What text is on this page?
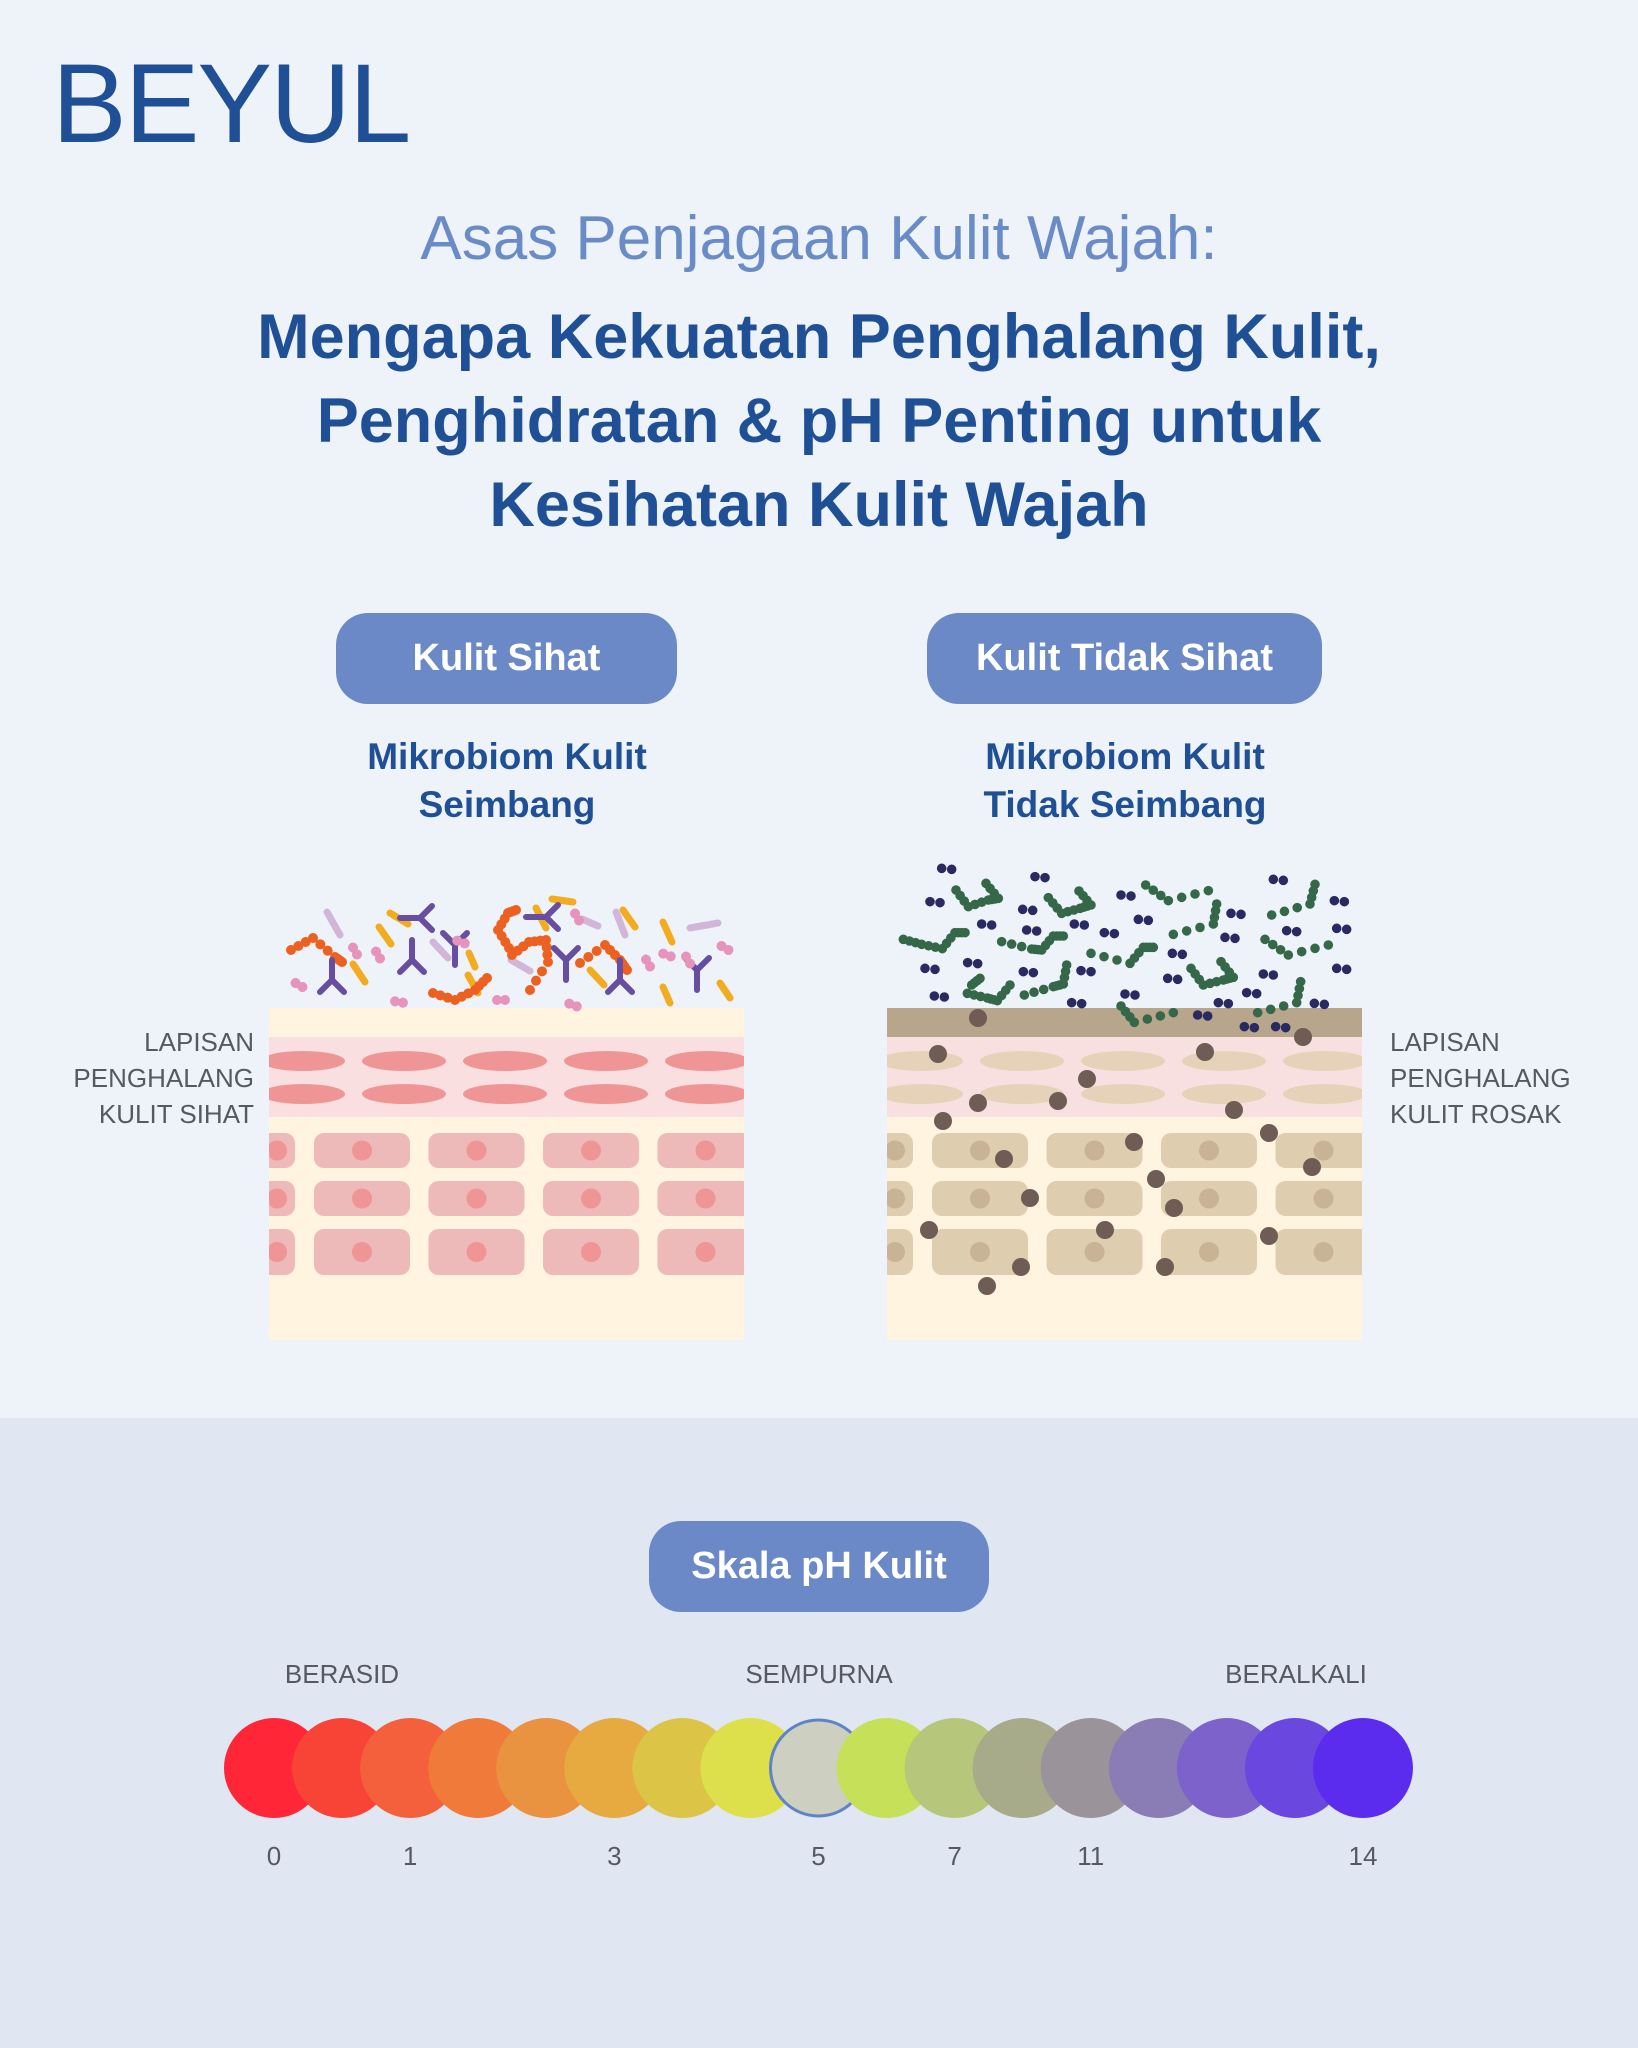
BEYUL
Asas Penjagaan Kulit Wajah:
Mengapa Kekuatan Penghalang Kulit,
Penghidratan & pH Penting untuk
Kesihatan Kulit Wajah
Kulit Sihat	Kulit Tidak Sihat
Mikrobiom Kulit
Seimbang
Mikrobiom Kulit
Tidak Seimbang
LAPISAN
PENGHALANG
KULIT SIHAT
LAPISAN
PENGHALANG
KULIT ROSAK
Skala pH Kulit
BERASID	SEMPURNA	BERALKALI
0	1	3	5	7	11	14
